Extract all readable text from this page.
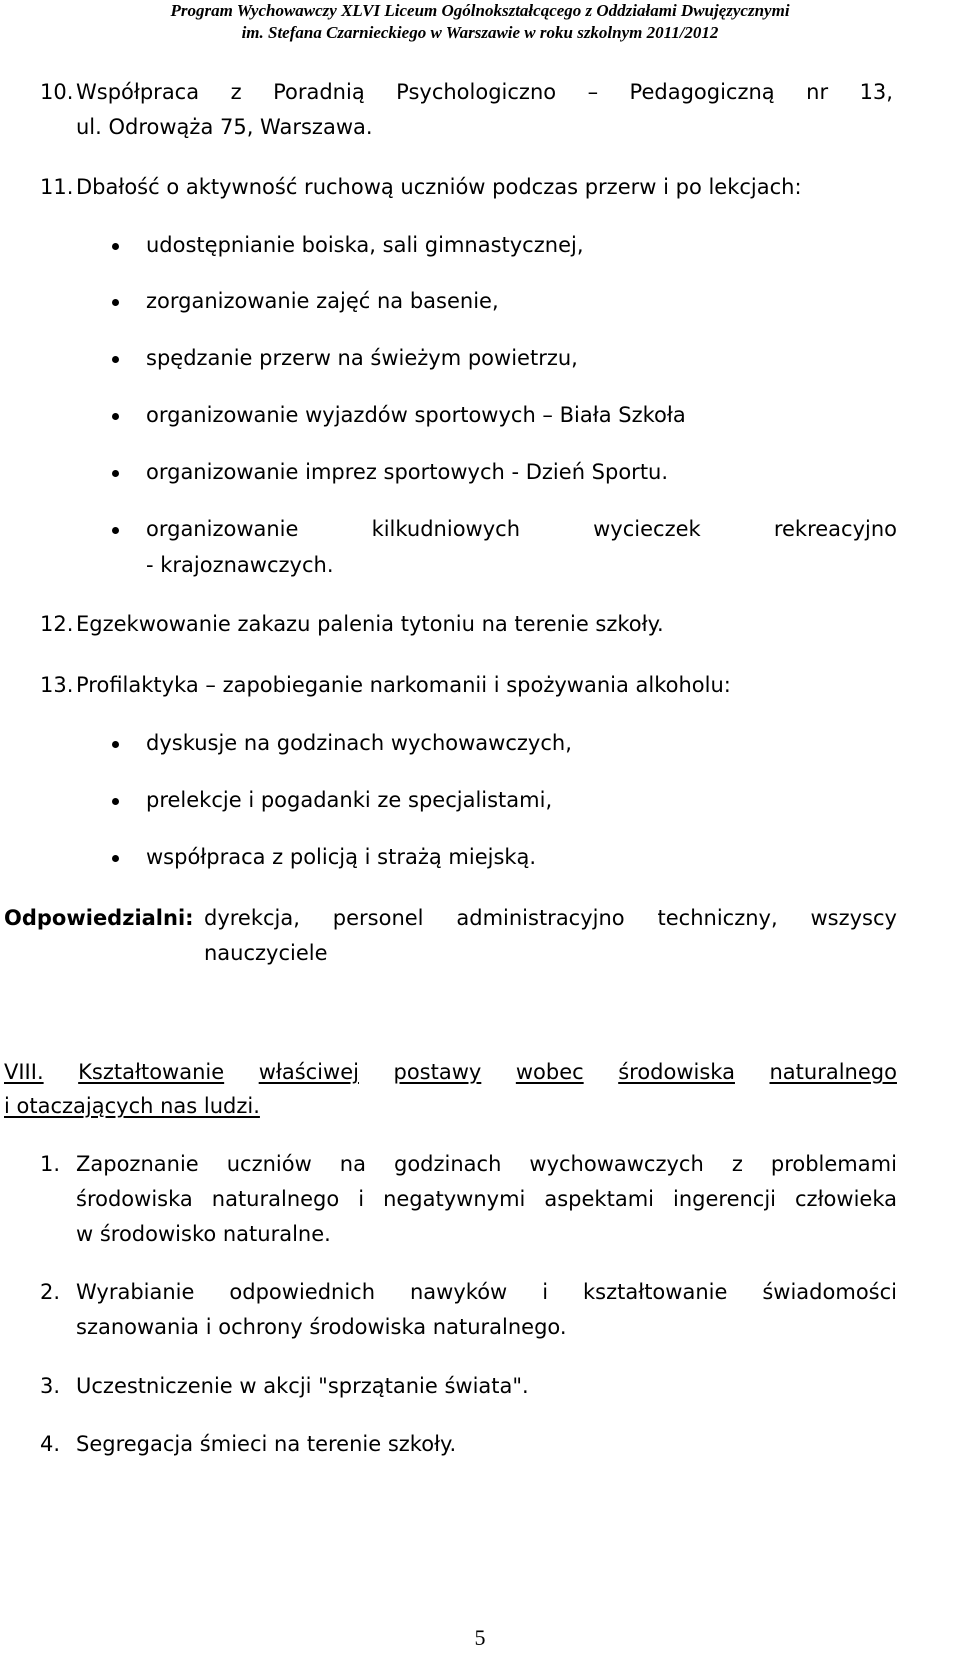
Program Wychowawczy XLVI Liceum Ogólnokształcącego z Oddziałami Dwujęzycznymi
im. Stefana Czarnieckiego w Warszawie w roku szkolnym 2011/2012
10. Współpraca z Poradnią Psychologiczno – Pedagogiczną nr 13,
ul. Odrowąża 75, Warszawa.
11. Dbałość o aktywność ruchową uczniów podczas przerw i po lekcjach:
udostępnianie boiska, sali gimnastycznej,
zorganizowanie zajęć na basenie,
spędzanie przerw na świeżym powietrzu,
organizowanie wyjazdów sportowych – Biała Szkoła
organizowanie imprez sportowych - Dzień Sportu.
organizowanie	kilkudniowych	wycieczek	rekreacyjno
- krajoznawczych.
12. Egzekwowanie zakazu palenia tytoniu na terenie szkoły.
13. Profilaktyka – zapobieganie narkomanii i spożywania alkoholu:
dyskusje na godzinach wychowawczych,
prelekcje i pogadanki ze specjalistami,
współpraca z policją i strażą miejską.
Odpowiedzialni: dyrekcja, personel administracyjno techniczny, wszyscy
nauczyciele
VIII. Kształtowanie właściwej postawy wobec środowiska naturalnego
i otaczających nas ludzi.
1. Zapoznanie uczniów na godzinach wychowawczych z problemami
środowiska naturalnego i negatywnymi aspektami ingerencji człowieka
w środowisko naturalne.
2. Wyrabianie odpowiednich nawyków i kształtowanie świadomości
szanowania i ochrony środowiska naturalnego.
3. Uczestniczenie w akcji "sprzątanie świata".
4. Segregacja śmieci na terenie szkoły.
5
